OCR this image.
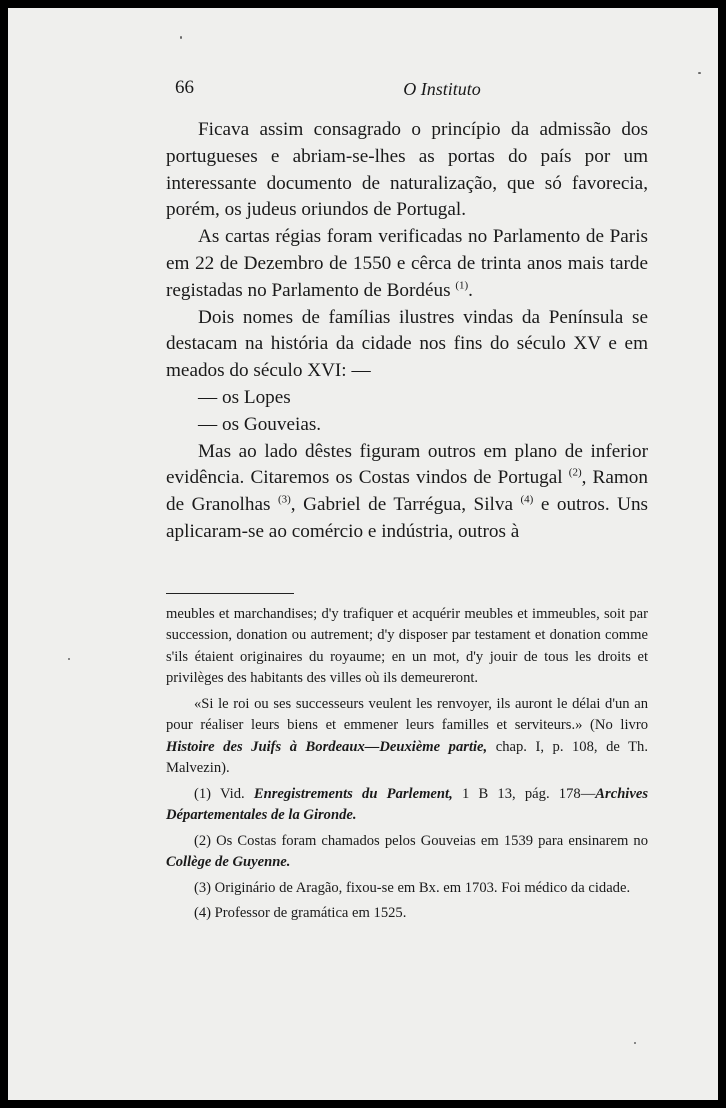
66	O Instituto

Ficava assim consagrado o princípio da admissão dos portugueses e abriam-se-lhes as portas do país por um interessante documento de naturalização, que só favorecia, porém, os judeus oriundos de Portugal.

As cartas régias foram verificadas no Parlamento de Paris em 22 de Dezembro de 1550 e cêrca de trinta anos mais tarde registadas no Parlamento de Bordéus $^{(1)}$.

Dois nomes de famílias ilustres vindas da Península se destacam na história da cidade nos fins do século XV e em meados do século XVI: —

— os Lopes

— os Gouveias.

Mas ao lado dêstes figuram outros em plano de inferior evidência. Citaremos os Costas vindos de Portugal $^{(2)}$, Ramon de Granolhas $^{(3)}$, Gabriel de Tarrégua, Silva $^{(4)}$ e outros. Uns aplicaram-se ao comércio e indústria, outros à

meubles et marchandises; d'y trafiquer et acquérir meubles et immeubles, soit par succession, donation ou autrement; d'y disposer par testament et donation comme s'ils étaient originaires du royaume; en un mot, d'y jouir de tous les droits et privilèges des habitants des villes où ils demeureront.

«Si le roi ou ses successeurs veulent les renvoyer, ils auront le délai d'un an pour réaliser leurs biens et emmener leurs familles et serviteurs.» (No livro Histoire des Juifs à Bordeaux—Deuxième partie, chap. I, p. 108, de Th. Malvezin).

(1) Vid. Enregistrements du Parlement, 1 B 13, pág. 178—Archives Départementales de la Gironde.

(2) Os Costas foram chamados pelos Gouveias em 1539 para ensinarem no Collège de Guyenne.

(3) Originário de Aragão, fixou-se em Bx. em 1703. Foi médico da cidade.

(4) Professor de gramática em 1525.
